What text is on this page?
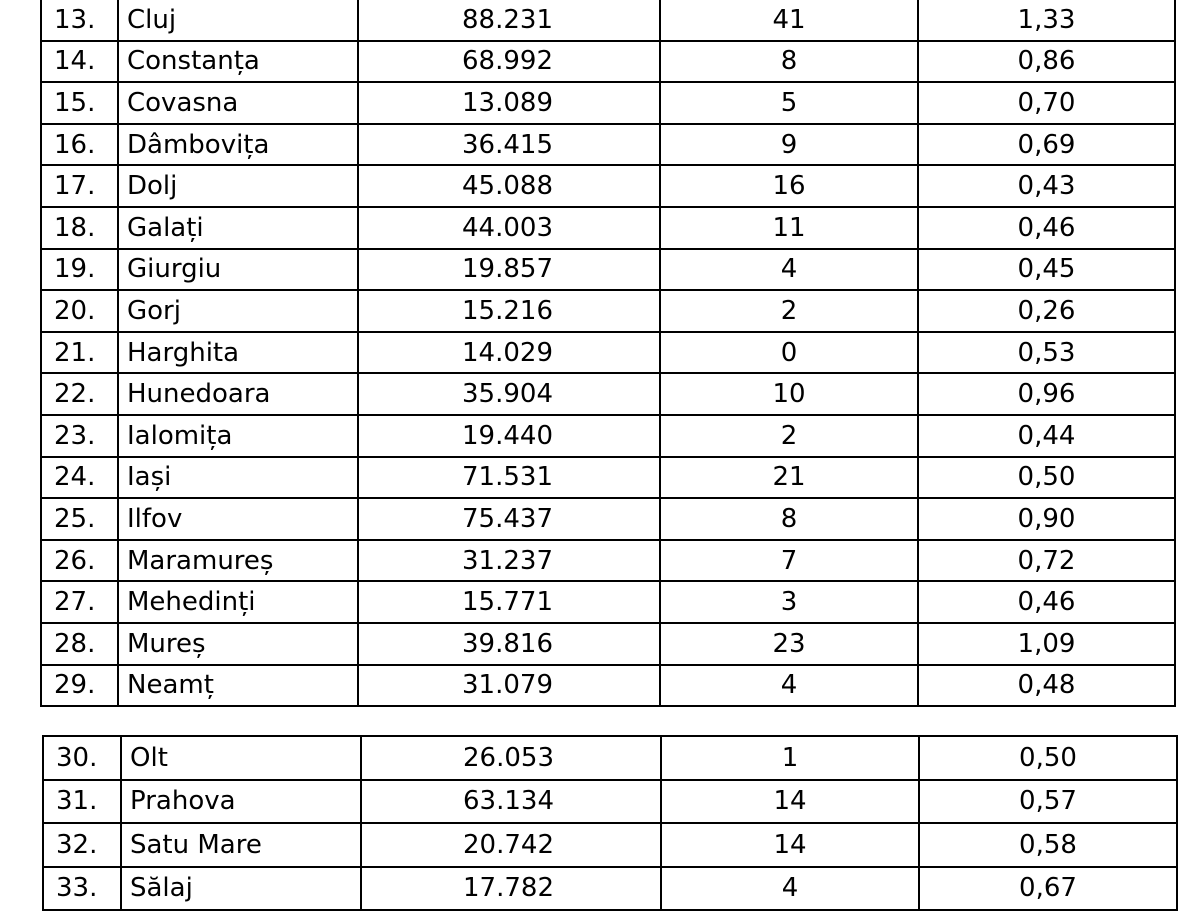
13.	Cluj	88.231	41	1,33
14.	Constanța	68.992	8	0,86
15.	Covasna	13.089	5	0,70
16.	Dâmbovița	36.415	9	0,69
17.	Dolj	45.088	16	0,43
18.	Galați	44.003	11	0,46
19.	Giurgiu	19.857	4	0,45
20.	Gorj	15.216	2	0,26
21.	Harghita	14.029	0	0,53
22.	Hunedoara	35.904	10	0,96
23.	Ialomița	19.440	2	0,44
24.	Iași	71.531	21	0,50
25.	Ilfov	75.437	8	0,90
26.	Maramureș	31.237	7	0,72
27.	Mehedinți	15.771	3	0,46
28.	Mureș	39.816	23	1,09
29.	Neamț	31.079	4	0,48
30.	Olt	26.053	1	0,50
31.	Prahova	63.134	14	0,57
32.	Satu Mare	20.742	14	0,58
33.	Sălaj	17.782	4	0,67
